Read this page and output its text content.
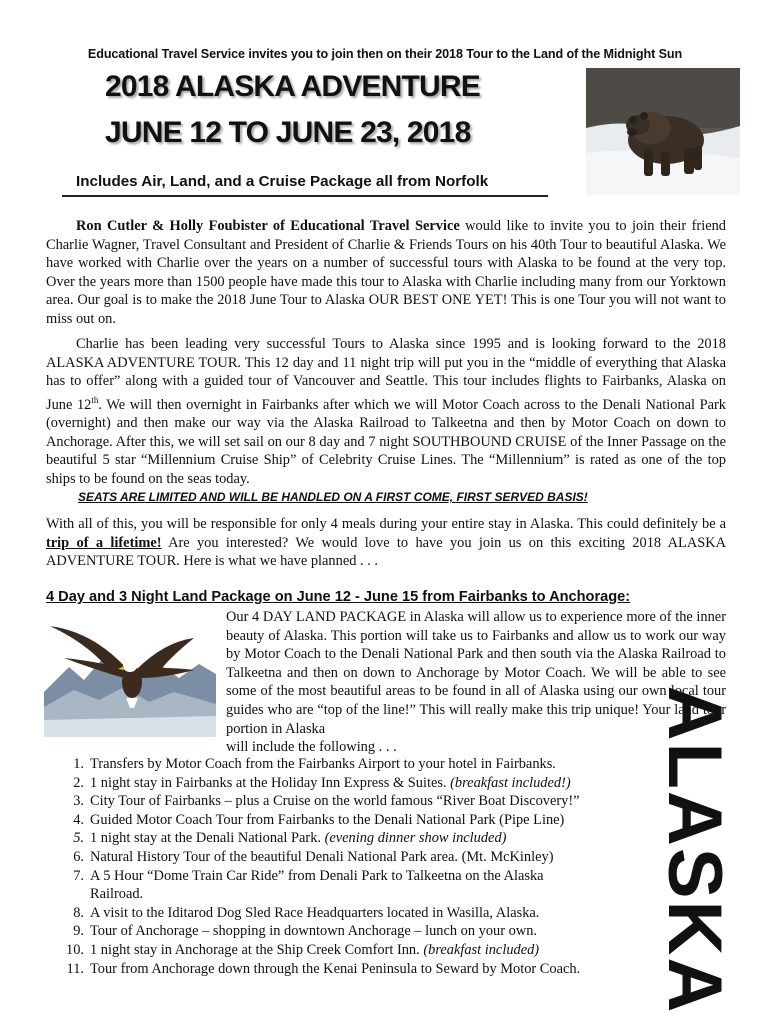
Educational Travel Service invites you to join then on their 2018 Tour to the Land of the Midnight Sun
2018 ALASKA ADVENTURE
JUNE 12 TO JUNE 23, 2018
Includes Air, Land, and a Cruise Package all from Norfolk

Ron Cutler & Holly Foubister of Educational Travel Service would like to invite you to join their friend Charlie Wagner, Travel Consultant and President of Charlie & Friends Tours on his 40th Tour to beautiful Alaska. We have worked with Charlie over the years on a number of successful tours with Alaska to be found at the very top. Over the years more than 1500 people have made this tour to Alaska with Charlie including many from our Yorktown area. Our goal is to make the 2018 June Tour to Alaska OUR BEST ONE YET! This is one Tour you will not want to miss out on.

Charlie has been leading very successful Tours to Alaska since 1995 and is looking forward to the 2018 ALASKA ADVENTURE TOUR. This 12 day and 11 night trip will put you in the “middle of everything that Alaska has to offer” along with a guided tour of Vancouver and Seattle. This tour includes flights to Fairbanks, Alaska on June 12th. We will then overnight in Fairbanks after which we will Motor Coach across to the Denali National Park (overnight) and then make our way via the Alaska Railroad to Talkeetna and then by Motor Coach on down to Anchorage. After this, we will set sail on our 8 day and 7 night SOUTHBOUND CRUISE of the Inner Passage on the beautiful 5 star “Millennium Cruise Ship” of Celebrity Cruise Lines. The “Millennium” is rated as one of the top ships to be found on the seas today.

SEATS ARE LIMITED AND WILL BE HANDLED ON A FIRST COME, FIRST SERVED BASIS!

With all of this, you will be responsible for only 4 meals during your entire stay in Alaska. This could definitely be a trip of a lifetime! Are you interested? We would love to have you join us on this exciting 2018 ALASKA ADVENTURE TOUR. Here is what we have planned . . .

4 Day and 3 Night Land Package on June 12 - June 15 from Fairbanks to Anchorage:

Our 4 DAY LAND PACKAGE in Alaska will allow us to experience more of the inner beauty of Alaska. This portion will take us to Fairbanks and allow us to work our way by Motor Coach to the Denali National Park and then south via the Alaska Railroad to Talkeetna and then on down to Anchorage by Motor Coach. We will be able to see some of the most beautiful areas to be found in all of Alaska using our own local tour guides who are “top of the line!” This will really make this trip unique! Your land tour portion in Alaska
will include the following . . .

1. Transfers by Motor Coach from the Fairbanks Airport to your hotel in Fairbanks.
2. 1 night stay in Fairbanks at the Holiday Inn Express & Suites. (breakfast included!)
3. City Tour of Fairbanks – plus a Cruise on the world famous “River Boat Discovery!”
4. Guided Motor Coach Tour from Fairbanks to the Denali National Park (Pipe Line)
5. 1 night stay at the Denali National Park. (evening dinner show included)
6. Natural History Tour of the beautiful Denali National Park area. (Mt. McKinley)
7. A 5 Hour “Dome Train Car Ride” from Denali Park to Talkeetna on the Alaska Railroad.
8. A visit to the Iditarod Dog Sled Race Headquarters located in Wasilla, Alaska.
9. Tour of Anchorage – shopping in downtown Anchorage – lunch on your own.
10. 1 night stay in Anchorage at the Ship Creek Comfort Inn. (breakfast included)
11. Tour from Anchorage down through the Kenai Peninsula to Seward by Motor Coach. ALASKA
